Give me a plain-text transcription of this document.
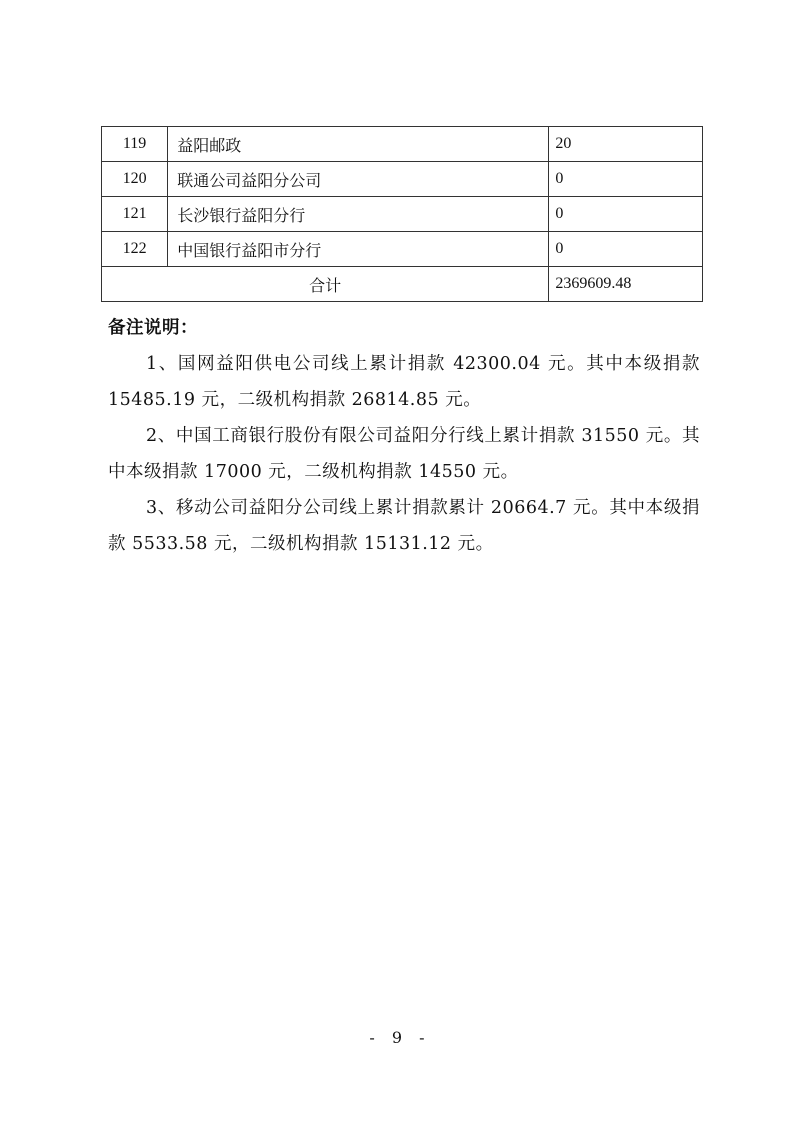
119	益阳邮政	20
120	联通公司益阳分公司	0
121	长沙银行益阳分行	0
122	中国银行益阳市分行	0
合计		2369609.48
备注说明：

1、国网益阳供电公司线上累计捐款 42300.04 元。其中本级捐款 15485.19 元，二级机构捐款 26814.85 元。

2、中国工商银行股份有限公司益阳分行线上累计捐款 31550 元。其中本级捐款 17000 元，二级机构捐款 14550 元。

3、移动公司益阳分公司线上累计捐款累计 20664.7 元。其中本级捐款 5533.58 元，二级机构捐款 15131.12 元。

- 9 -
